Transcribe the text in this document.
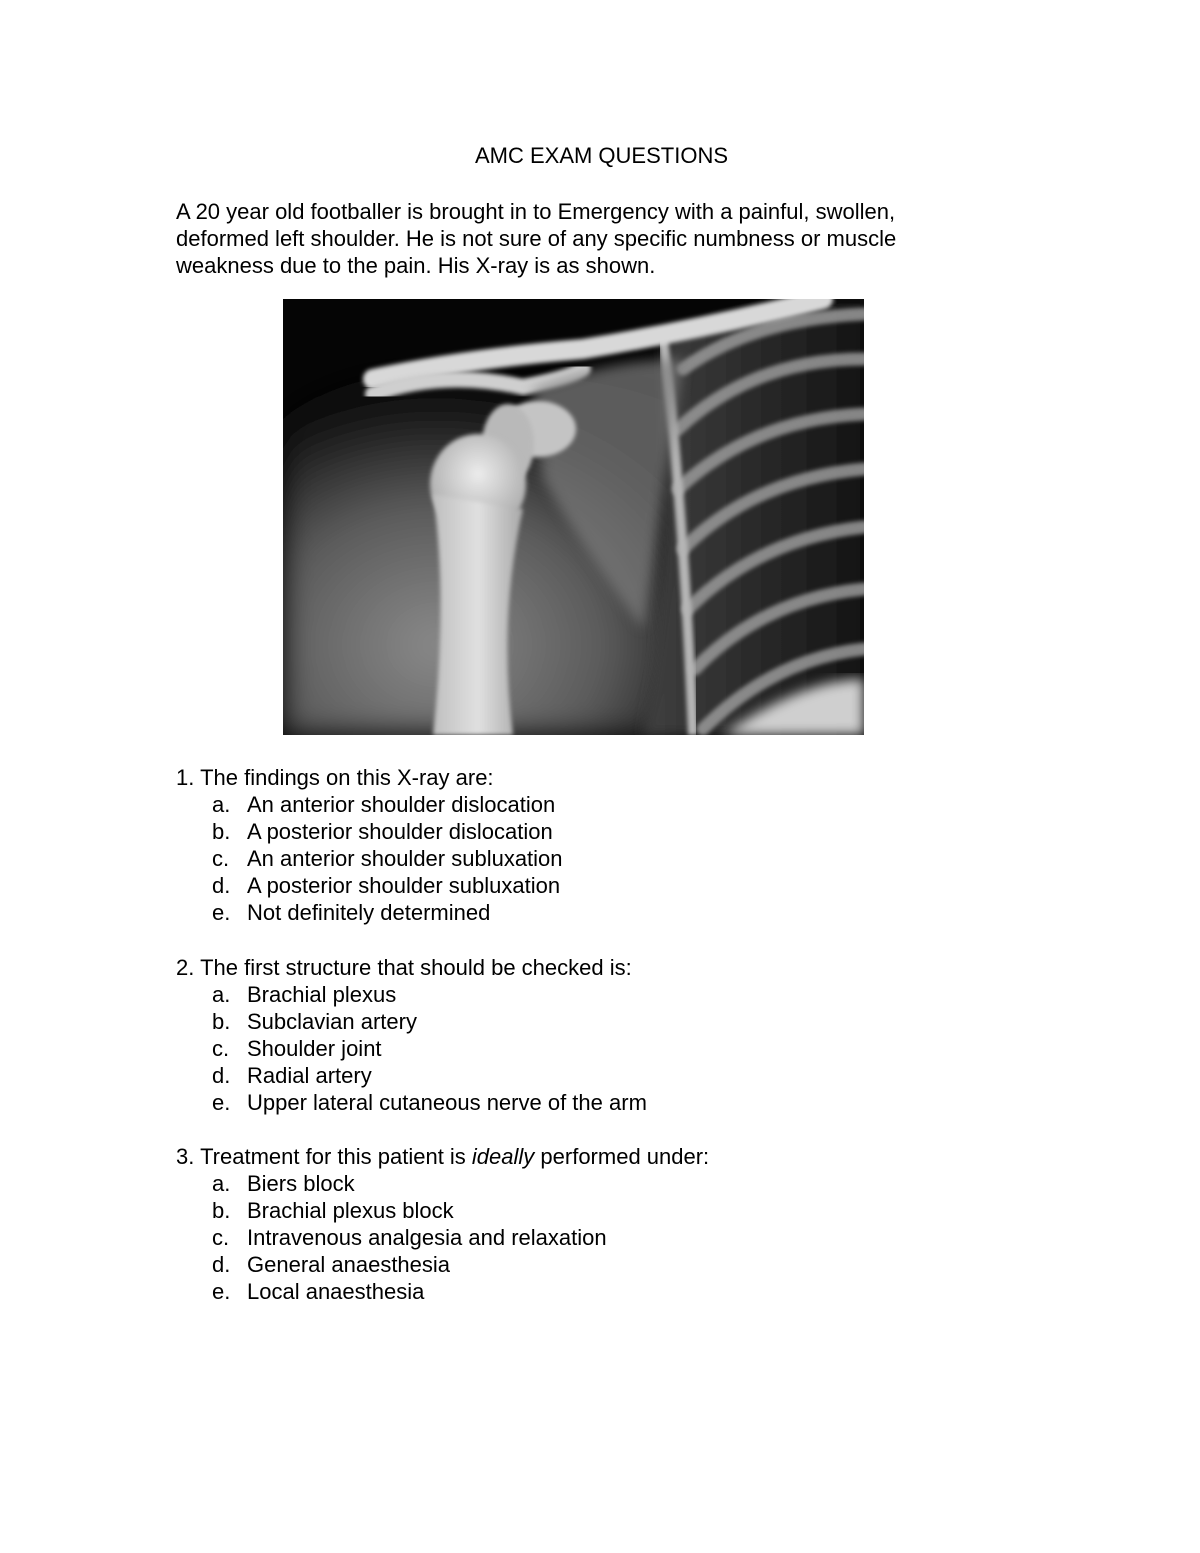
AMC EXAM QUESTIONS
A 20 year old footballer is brought in to Emergency with a painful, swollen,
deformed left shoulder. He is not sure of any specific numbness or muscle
weakness due to the pain. His X-ray is as shown.
1. The findings on this X-ray are:
a. An anterior shoulder dislocation
b. A posterior shoulder dislocation
c. An anterior shoulder subluxation
d. A posterior shoulder subluxation
e. Not definitely determined
2. The first structure that should be checked is:
a. Brachial plexus
b. Subclavian artery
c. Shoulder joint
d. Radial artery
e. Upper lateral cutaneous nerve of the arm
3. Treatment for this patient is ideally performed under:
a. Biers block
b. Brachial plexus block
c. Intravenous analgesia and relaxation
d. General anaesthesia
e. Local anaesthesia
